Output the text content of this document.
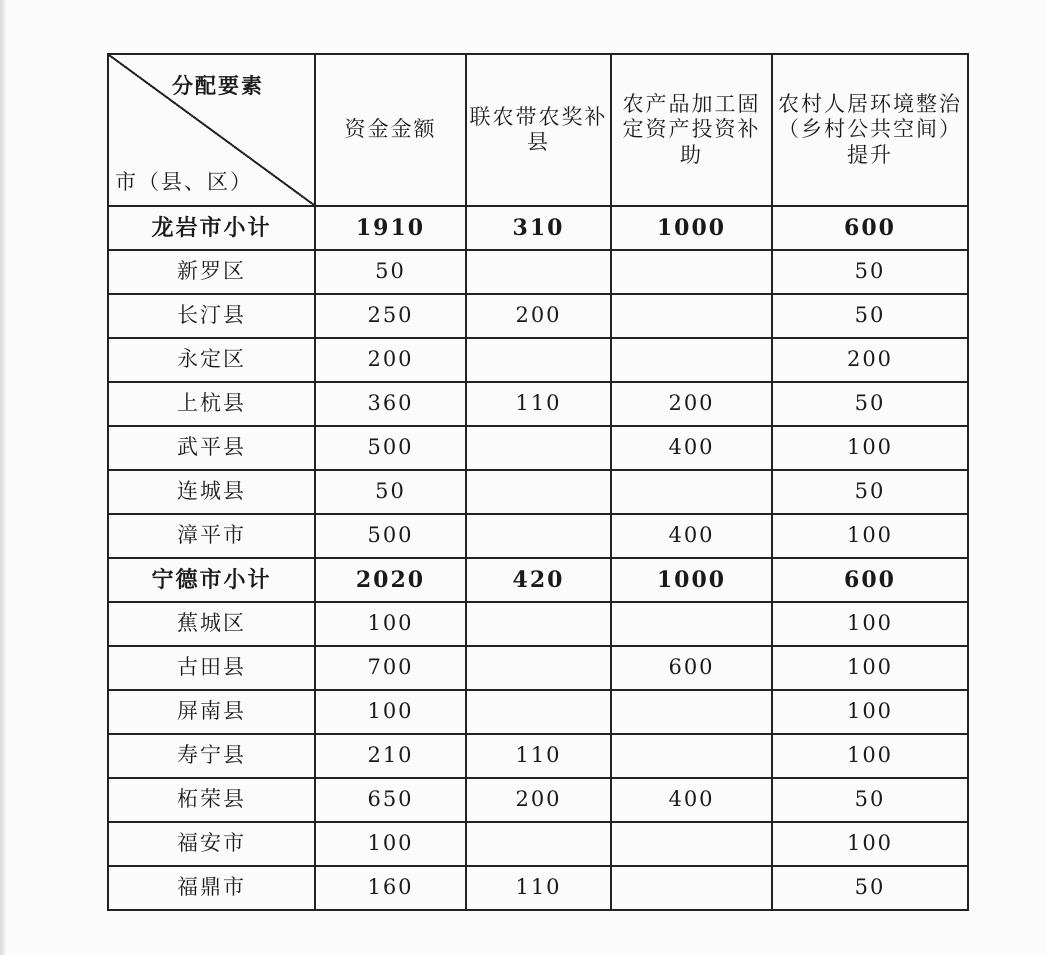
分配要素
市（县、区）	资金金额	联农带农奖补县	农产品加工固定资产投资补助	农村人居环境整治（乡村公共空间）提升
龙岩市小计	1910	310	1000	600
新罗区	50			50
长汀县	250	200		50
永定区	200			200
上杭县	360	110	200	50
武平县	500		400	100
连城县	50			50
漳平市	500		400	100
宁德市小计	2020	420	1000	600
蕉城区	100			100
古田县	700		600	100
屏南县	100			100
寿宁县	210	110		100
柘荣县	650	200	400	50
福安市	100			100
福鼎市	160	110		50
